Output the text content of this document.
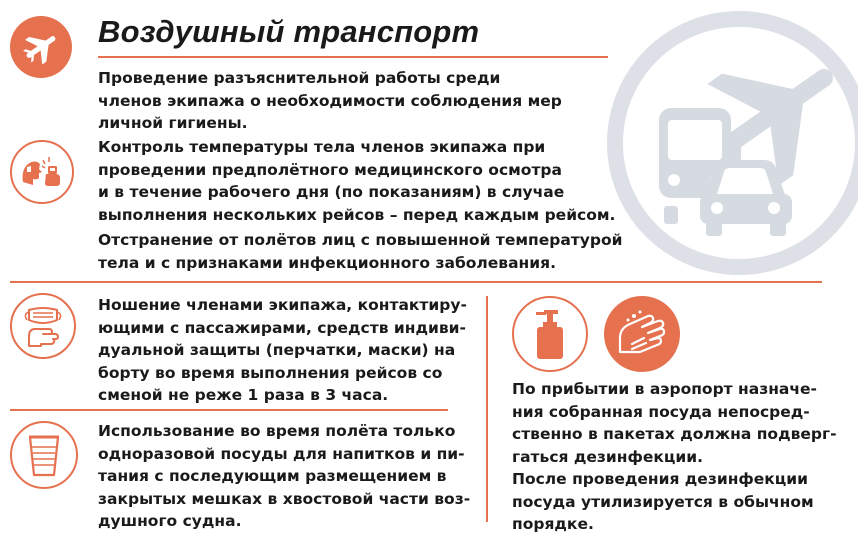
Воздушный транспорт
Проведение разъяснительной работы среди
членов экипажа о необходимости соблюдения мер
личной гигиены.
Контроль температуры тела членов экипажа при
проведении предполётного медицинского осмотра
и в течение рабочего дня (по показаниям) в случае
выполнения нескольких рейсов – перед каждым рейсом.
Отстранение от полётов лиц с повышенной температурой
тела и с признаками инфекционного заболевания.
Ношение членами экипажа, контактиру-
ющими с пассажирами, средств индиви-
дуальной защиты (перчатки, маски) на
борту во время выполнения рейсов со
сменой не реже 1 раза в 3 часа.
Использование во время полёта только
одноразовой посуды для напитков и пи-
тания с последующим размещением в
закрытых мешках в хвостовой части воз-
душного судна.
По прибытии в аэропорт назначе-
ния собранная посуда непосред-
ственно в пакетах должна подверг-
гаться дезинфекции.
После проведения дезинфекции
посуда утилизируется в обычном
порядке.
